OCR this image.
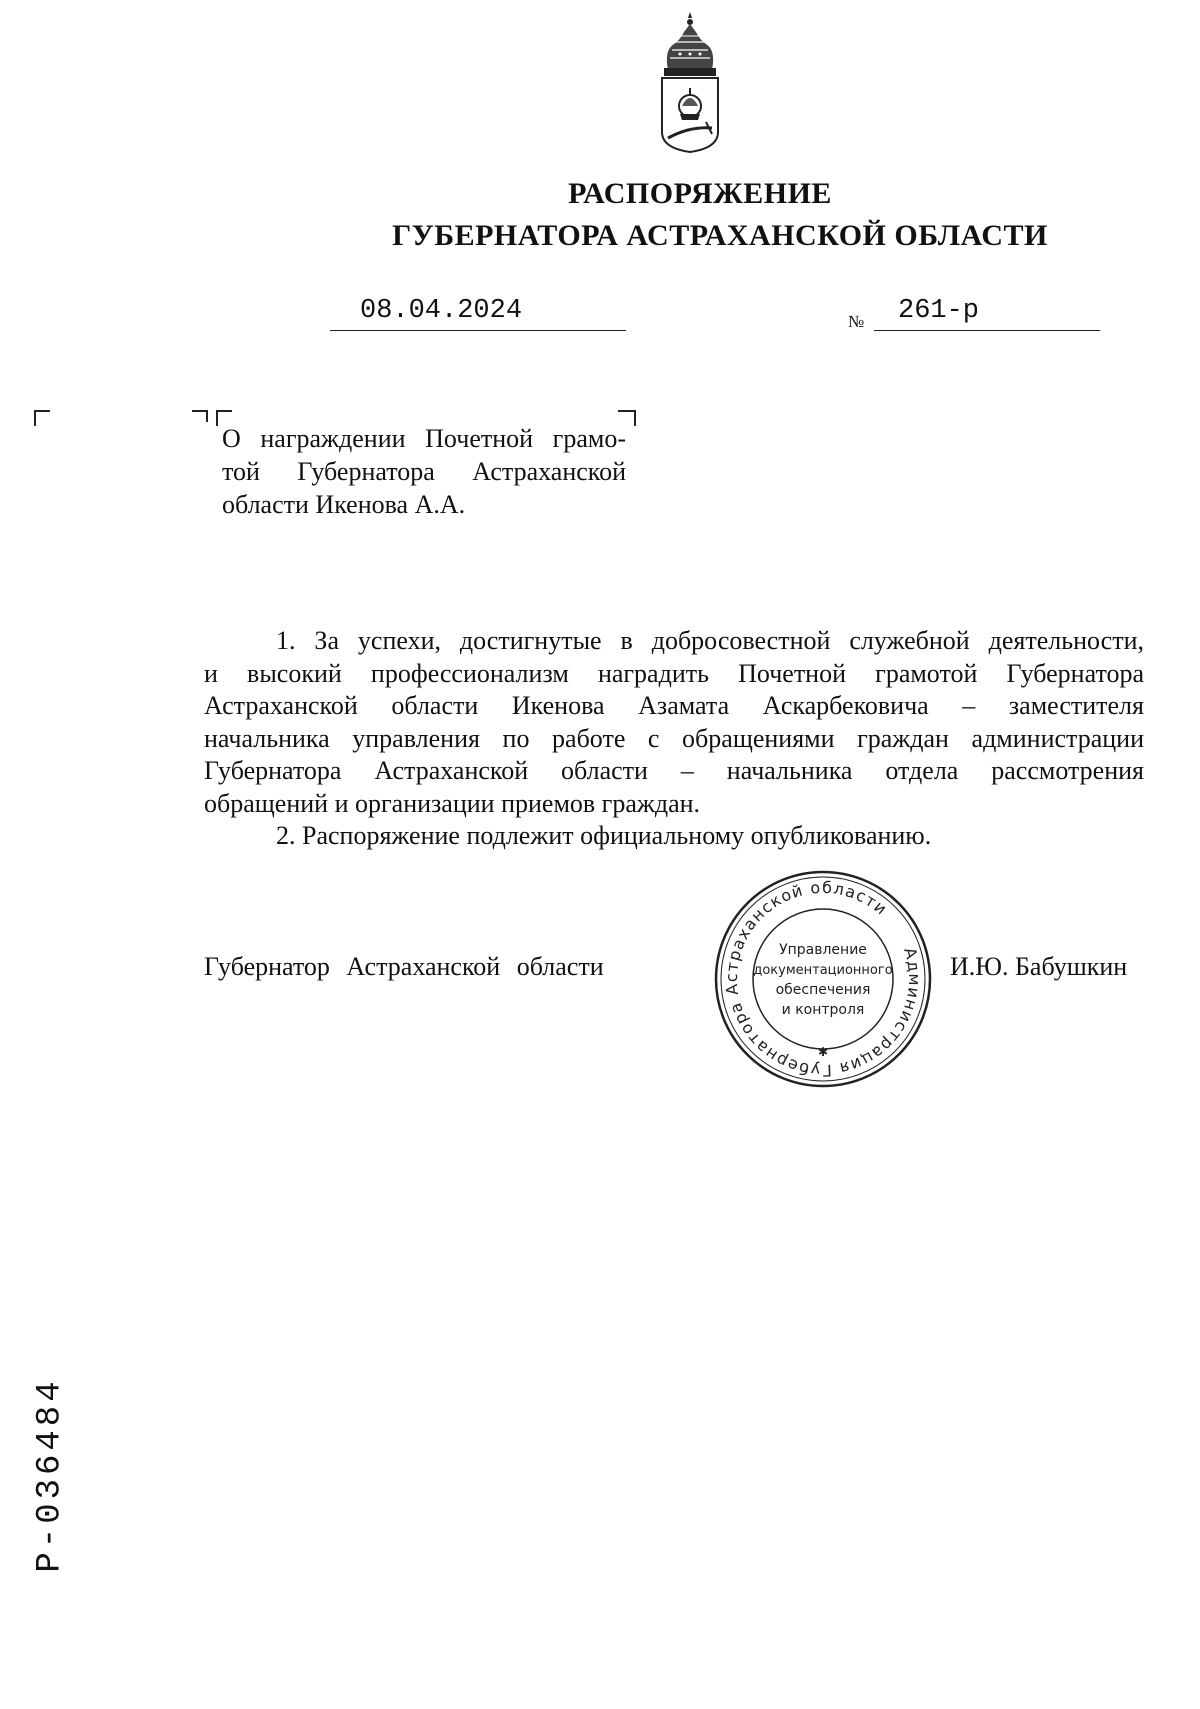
РАСПОРЯЖЕНИЕ
ГУБЕРНАТОРА АСТРАХАНСКОЙ ОБЛАСТИ
08.04.2024	№ 261-р
О награждении Почетной грамо-
той Губернатора Астраханской
области Икенова А.А.
1. За успехи, достигнутые в добросовестной служебной деятельности,
и высокий профессионализм наградить Почетной грамотой Губернатора
Астраханской области Икенова Азамата Аскарбековича – заместителя
начальника управления по работе с обращениями граждан администрации
Губернатора Астраханской области – начальника отдела рассмотрения
обращений и организации приемов граждан.
2. Распоряжение подлежит официальному опубликованию.
Губернатор Астраханской области	И.Ю. Бабушкин
Администрация Губернатора Астраханской области
Управление
документационного
обеспечения
и контроля
✱
Р-036484
